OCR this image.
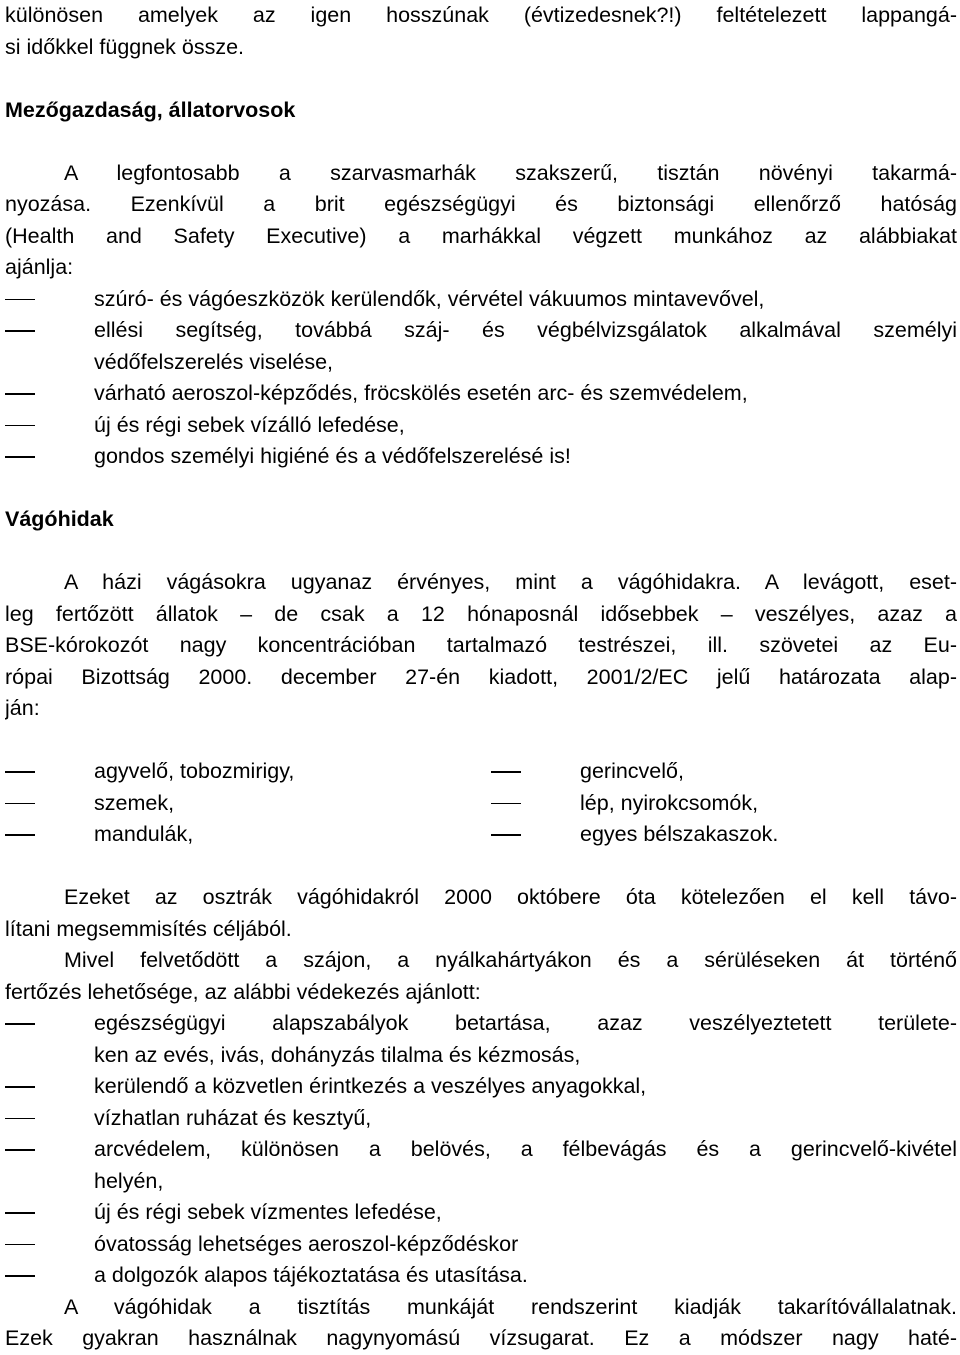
különösen amelyek az igen hosszúnak (évtizedesnek?!) feltételezett lappangá-
si időkkel függnek össze.
Mezőgazdaság, állatorvosok
A legfontosabb a szarvasmarhák szakszerű, tisztán növényi takarmá-
nyozása. Ezenkívül a brit egészségügyi és biztonsági ellenőrző hatóság
(Health and Safety Executive) a marhákkal végzett munkához az alábbiakat
ajánlja:
szúró- és vágóeszközök kerülendők, vérvétel vákuumos mintavevővel,
ellési segítség, továbbá száj- és végbélvizsgálatok alkalmával személyi
védőfelszerelés viselése,
várható aeroszol-képződés, fröcskölés esetén arc- és szemvédelem,
új és régi sebek vízálló lefedése,
gondos személyi higiéné és a védőfelszerelésé is!
Vágóhidak
A házi vágásokra ugyanaz érvényes, mint a vágóhidakra. A levágott, eset-
leg fertőzött állatok – de csak a 12 hónaposnál idősebbek – veszélyes, azaz a
BSE-kórokozót nagy koncentrációban tartalmazó testrészei, ill. szövetei az Eu-
rópai Bizottság 2000. december 27-én kiadott, 2001/2/EC jelű határozata alap-
ján:
agyvelő, tobozmirigy,
szemek,
mandulák,
gerincvelő,
lép, nyirokcsomók,
egyes bélszakaszok.
Ezeket az osztrák vágóhidakról 2000 októbere óta kötelezően el kell távo-
lítani megsemmisítés céljából.
Mivel felvetődött a szájon, a nyálkahártyákon és a sérüléseken át történő
fertőzés lehetősége, az alábbi védekezés ajánlott:
egészségügyi alapszabályok betartása, azaz veszélyeztetett területe-
ken az evés, ivás, dohányzás tilalma és kézmosás,
kerülendő a közvetlen érintkezés a veszélyes anyagokkal,
vízhatlan ruházat és kesztyű,
arcvédelem, különösen a belövés, a félbevágás és a gerincvelő-kivétel
helyén,
új és régi sebek vízmentes lefedése,
óvatosság lehetséges aeroszol-képződéskor
a dolgozók alapos tájékoztatása és utasítása.
A vágóhidak a tisztítás munkáját rendszerint kiadják takarítóvállalatnak.
Ezek gyakran használnak nagynyomású vízsugarat. Ez a módszer nagy haté-
